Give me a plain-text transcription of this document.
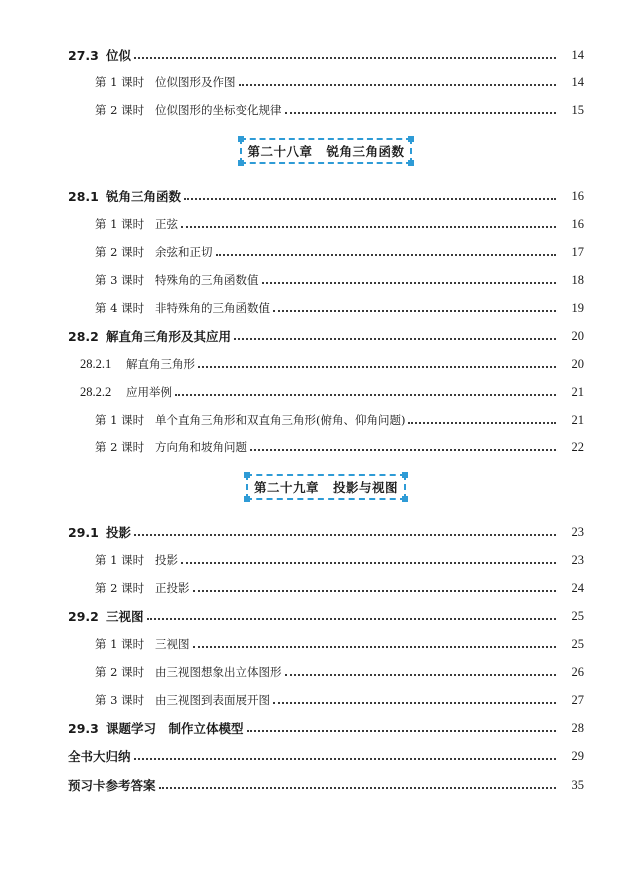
27.3 位似	14
第 1 课时 位似图形及作图	14
第 2 课时 位似图形的坐标变化规律	15
第二十八章 锐角三角函数
28.1 锐角三角函数	16
第 1 课时 正弦	16
第 2 课时 余弦和正切	17
第 3 课时 特殊角的三角函数值	18
第 4 课时 非特殊角的三角函数值	19
28.2 解直角三角形及其应用	20
28.2.1 解直角三角形	20
28.2.2 应用举例	21
第 1 课时 单个直角三角形和双直角三角形(俯角、仰角问题)	21
第 2 课时 方向角和坡角问题	22
第二十九章 投影与视图
29.1 投影	23
第 1 课时 投影	23
第 2 课时 正投影	24
29.2 三视图	25
第 1 课时 三视图	25
第 2 课时 由三视图想象出立体图形	26
第 3 课时 由三视图到表面展开图	27
29.3 课题学习　制作立体模型	28
全书大归纳	29
预习卡参考答案	35
